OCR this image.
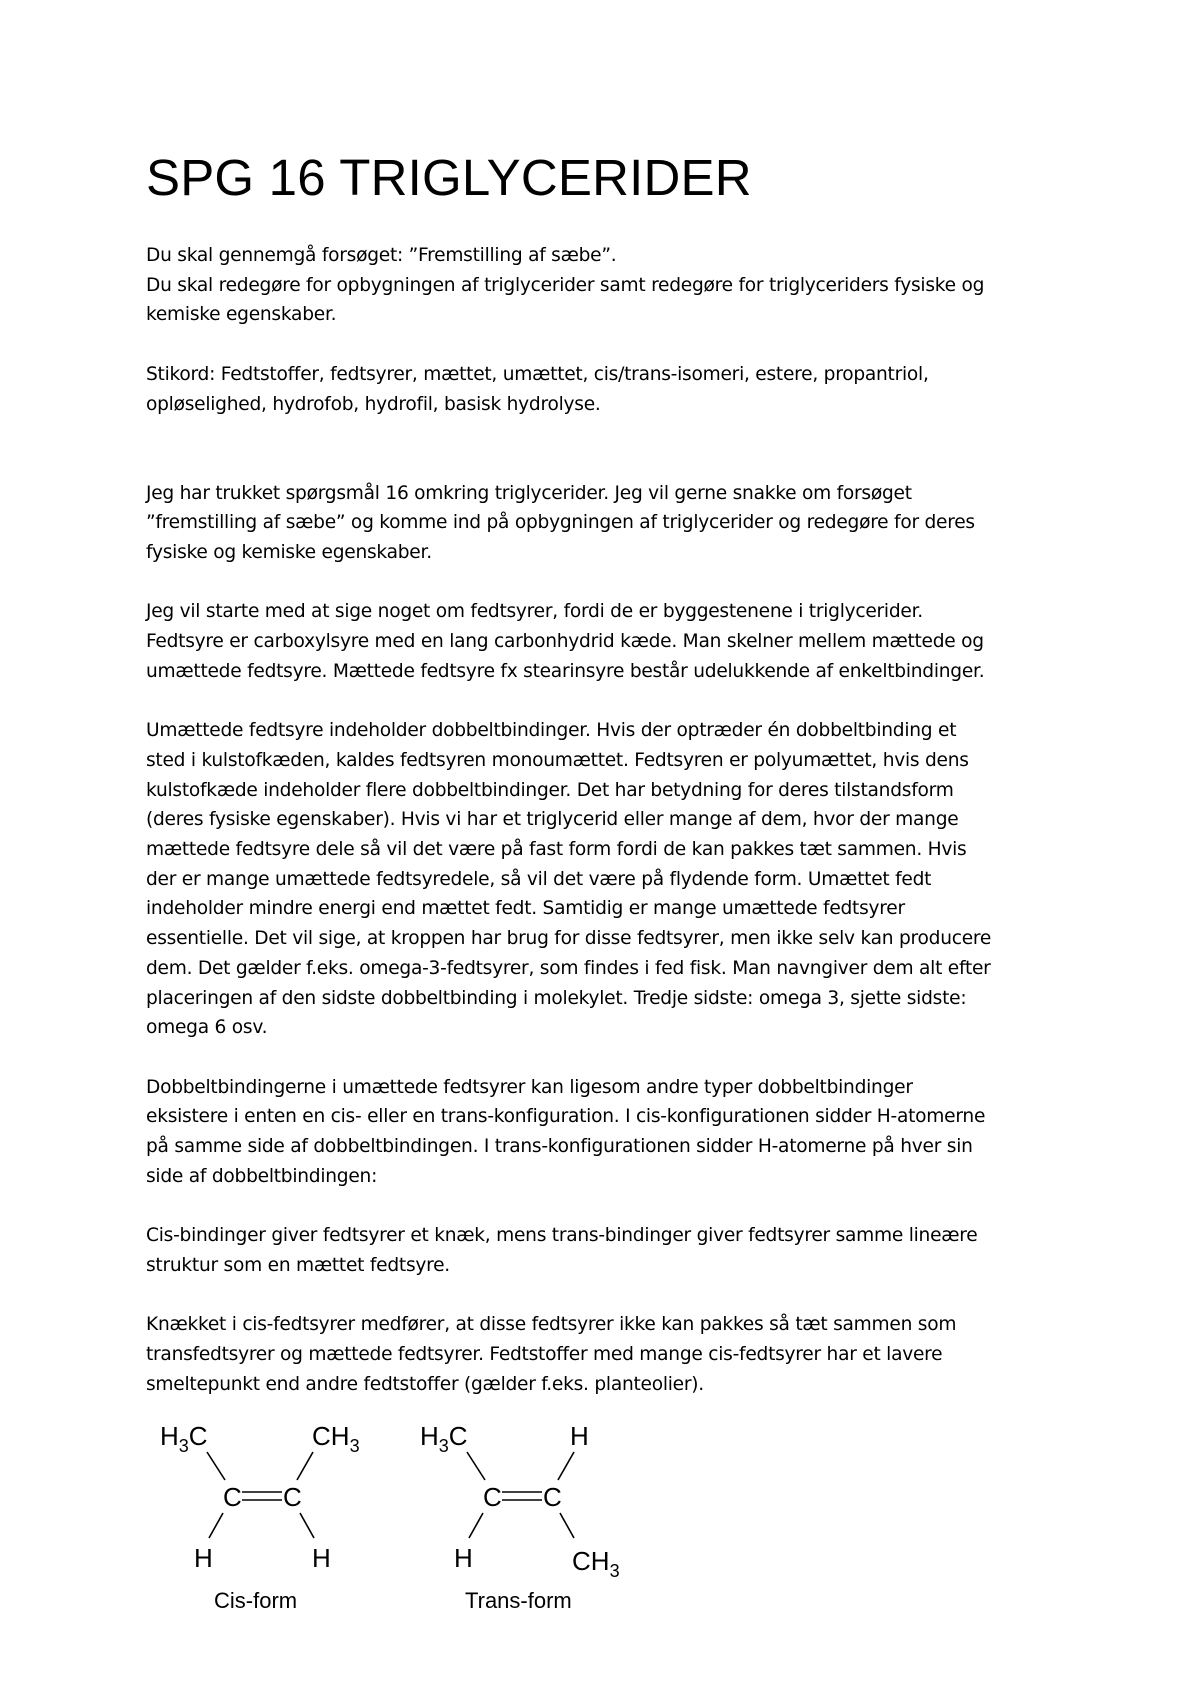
SPG 16 TRIGLYCERIDER

Du skal gennemgå forsøget: ”Fremstilling af sæbe”.
Du skal redegøre for opbygningen af triglycerider samt redegøre for triglyceriders fysiske og
kemiske egenskaber.

Stikord: Fedtstoffer, fedtsyrer, mættet, umættet, cis/trans-isomeri, estere, propantriol,
opløselighed, hydrofob, hydrofil, basisk hydrolyse.

Jeg har trukket spørgsmål 16 omkring triglycerider. Jeg vil gerne snakke om forsøget
”fremstilling af sæbe” og komme ind på opbygningen af triglycerider og redegøre for deres
fysiske og kemiske egenskaber.

Jeg vil starte med at sige noget om fedtsyrer, fordi de er byggestenene i triglycerider.
Fedtsyre er carboxylsyre med en lang carbonhydrid kæde. Man skelner mellem mættede og
umættede fedtsyre. Mættede fedtsyre fx stearinsyre består udelukkende af enkeltbindinger.

Umættede fedtsyre indeholder dobbeltbindinger. Hvis der optræder én dobbeltbinding et
sted i kulstofkæden, kaldes fedtsyren monoumættet. Fedtsyren er polyumættet, hvis dens
kulstofkæde indeholder flere dobbeltbindinger. Det har betydning for deres tilstandsform
(deres fysiske egenskaber). Hvis vi har et triglycerid eller mange af dem, hvor der mange
mættede fedtsyre dele så vil det være på fast form fordi de kan pakkes tæt sammen. Hvis
der er mange umættede fedtsyredele, så vil det være på flydende form. Umættet fedt
indeholder mindre energi end mættet fedt. Samtidig er mange umættede fedtsyrer
essentielle. Det vil sige, at kroppen har brug for disse fedtsyrer, men ikke selv kan producere
dem. Det gælder f.eks. omega-3-fedtsyrer, som findes i fed fisk. Man navngiver dem alt efter
placeringen af den sidste dobbeltbinding i molekylet. Tredje sidste: omega 3, sjette sidste:
omega 6 osv.

Dobbeltbindingerne i umættede fedtsyrer kan ligesom andre typer dobbeltbindinger
eksistere i enten en cis- eller en trans-konfiguration. I cis-konfigurationen sidder H-atomerne
på samme side af dobbeltbindingen. I trans-konfigurationen sidder H-atomerne på hver sin
side af dobbeltbindingen:

Cis-bindinger giver fedtsyrer et knæk, mens trans-bindinger giver fedtsyrer samme lineære
struktur som en mættet fedtsyre.

Knækket i cis-fedtsyrer medfører, at disse fedtsyrer ikke kan pakkes så tæt sammen som
transfedtsyrer og mættede fedtsyrer. Fedtstoffer med mange cis-fedtsyrer har et lavere
smeltepunkt end andre fedtstoffer (gælder f.eks. planteolier).

$H_3C$	$CH_3$
C C
H	H
Cis-form
$H_3C$	H
C C
H	$CH_3$
Trans-form
